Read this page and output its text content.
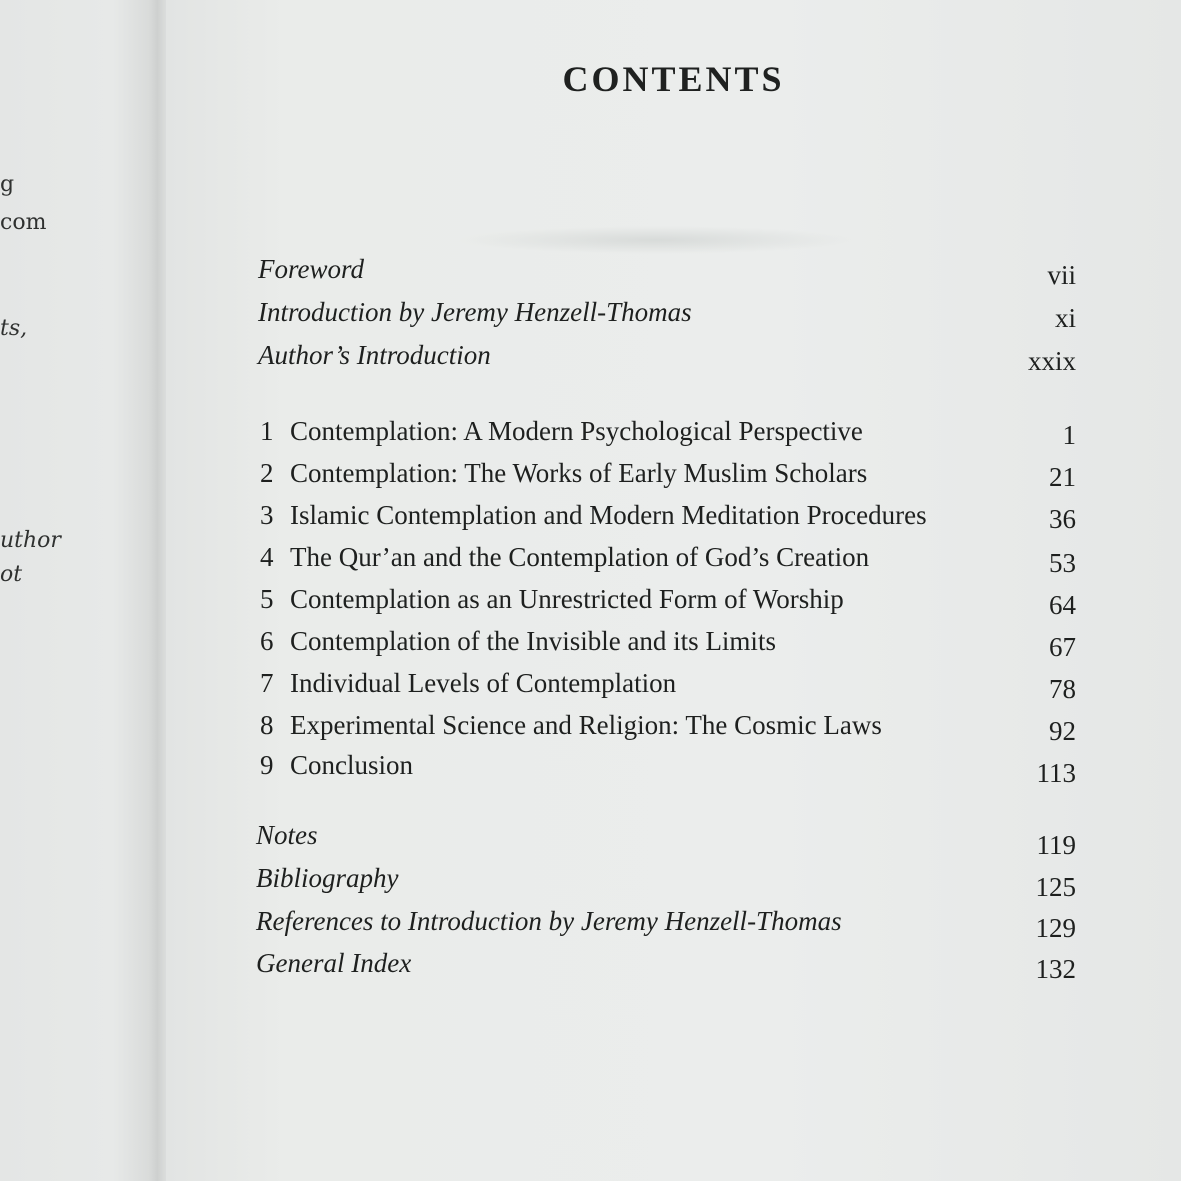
g
com
ts,
uthor
ot
CONTENTS
Foreword	vii
Introduction by Jeremy Henzell-Thomas	xi
Author’s Introduction	xxix
1 Contemplation: A Modern Psychological Perspective	1
2 Contemplation: The Works of Early Muslim Scholars	21
3 Islamic Contemplation and Modern Meditation Procedures	36
4 The Qur’an and the Contemplation of God’s Creation	53
5 Contemplation as an Unrestricted Form of Worship	64
6 Contemplation of the Invisible and its Limits	67
7 Individual Levels of Contemplation	78
8 Experimental Science and Religion: The Cosmic Laws	92
9 Conclusion	113
Notes	119
Bibliography	125
References to Introduction by Jeremy Henzell-Thomas	129
General Index	132
